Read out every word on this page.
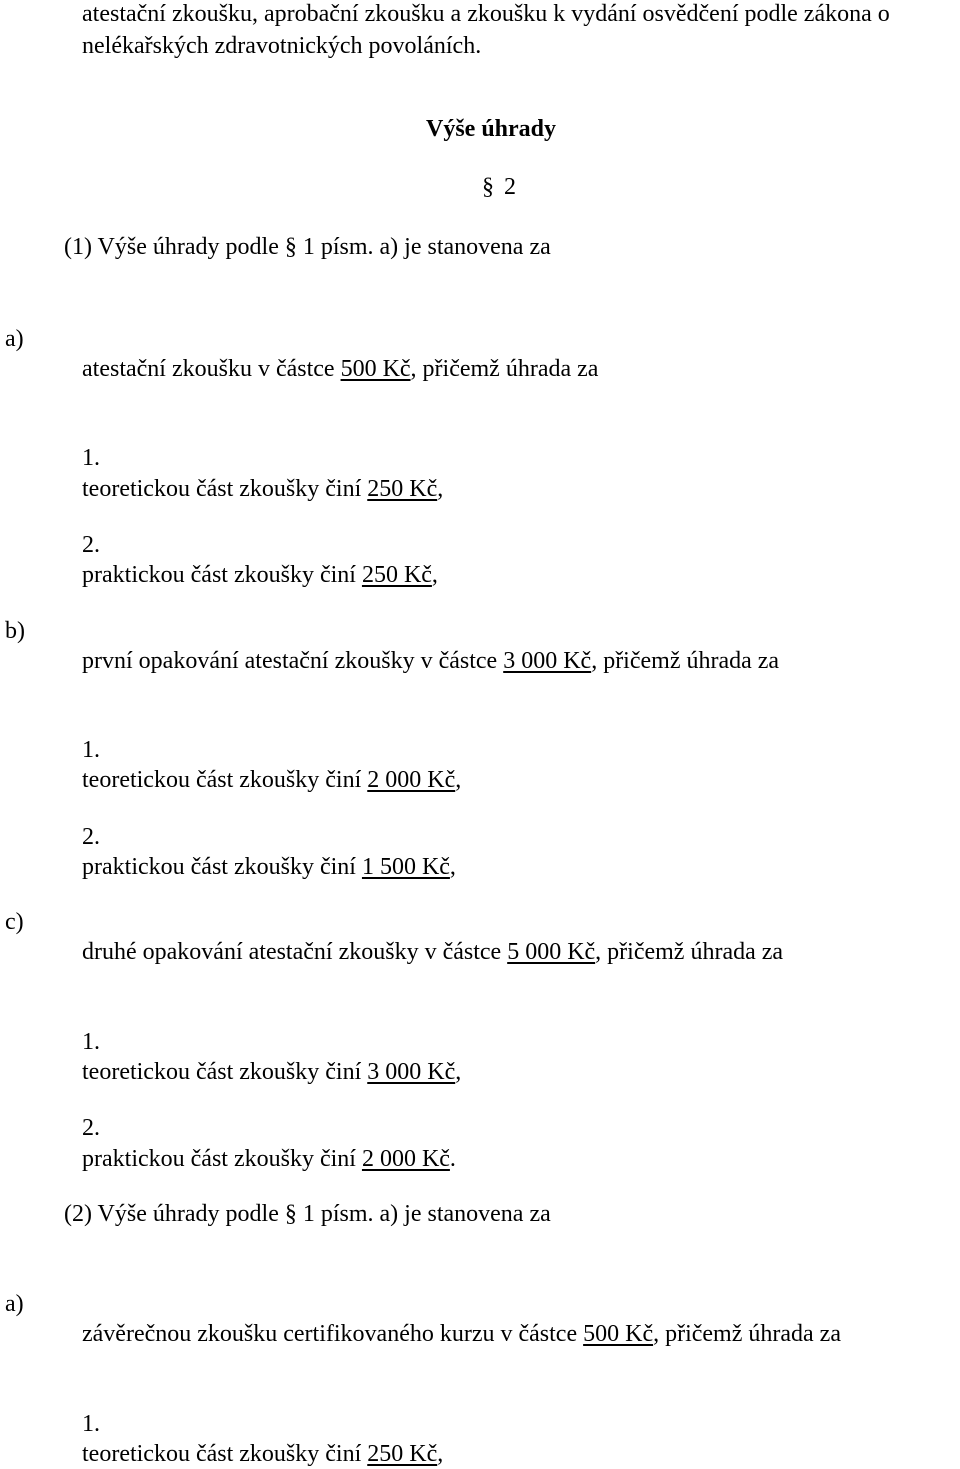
atestační zkoušku, aprobační zkoušku a zkoušku k vydání osvědčení podle zákona o
nelékařských zdravotnických povoláních.
Výše úhrady
§ 2
(1) Výše úhrady podle § 1 písm. a) je stanovena za
a)
atestační zkoušku v částce 500 Kč, přičemž úhrada za
1.
teoretickou část zkoušky činí 250 Kč,
2.
praktickou část zkoušky činí 250 Kč,
b)
první opakování atestační zkoušky v částce 3 000 Kč, přičemž úhrada za
1.
teoretickou část zkoušky činí 2 000 Kč,
2.
praktickou část zkoušky činí 1 500 Kč,
c)
druhé opakování atestační zkoušky v částce 5 000 Kč, přičemž úhrada za
1.
teoretickou část zkoušky činí 3 000 Kč,
2.
praktickou část zkoušky činí 2 000 Kč.
(2) Výše úhrady podle § 1 písm. a) je stanovena za
a)
závěrečnou zkoušku certifikovaného kurzu v částce 500 Kč, přičemž úhrada za
1.
teoretickou část zkoušky činí 250 Kč,
